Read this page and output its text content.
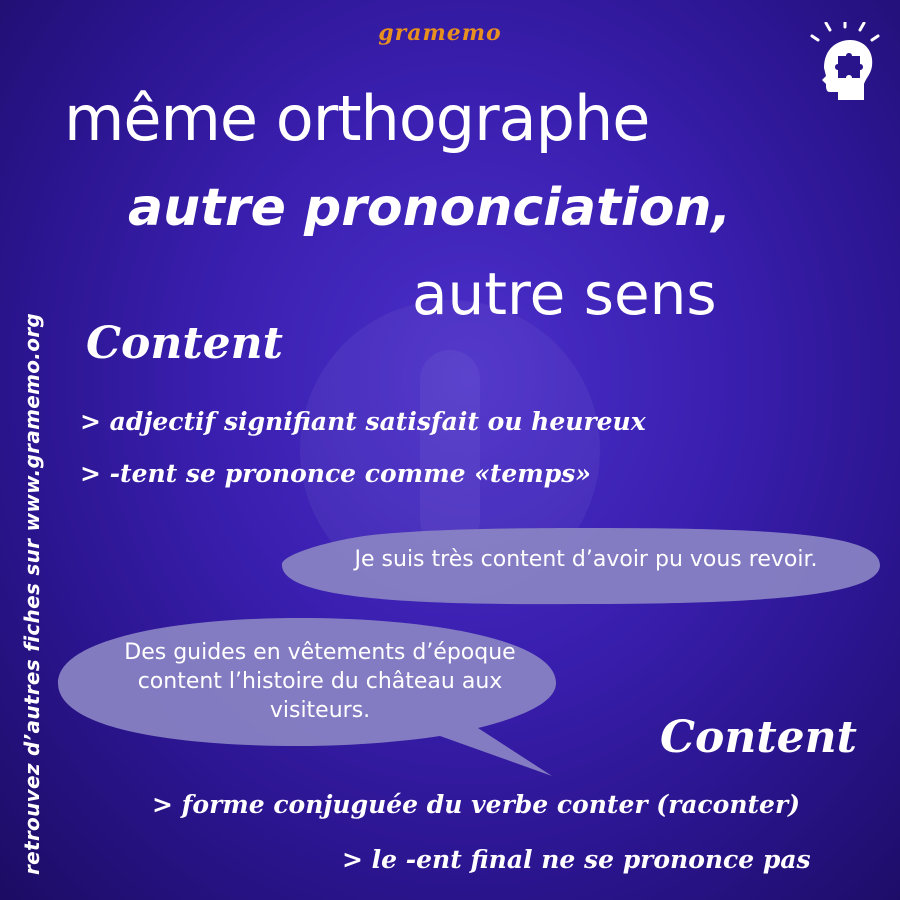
gramemo
même orthographe
autre prononciation,
autre sens
retrouvez d’autres fiches sur www.gramemo.org Content
> adjectif signifiant satisfait ou heureux
> -tent se prononce comme «temps»
Je suis très content d’avoir pu vous revoir.
Des guides en vêtements d’époque content l’histoire du château aux visiteurs.
Content
> forme conjuguée du verbe conter (raconter)
> le -ent final ne se prononce pas
